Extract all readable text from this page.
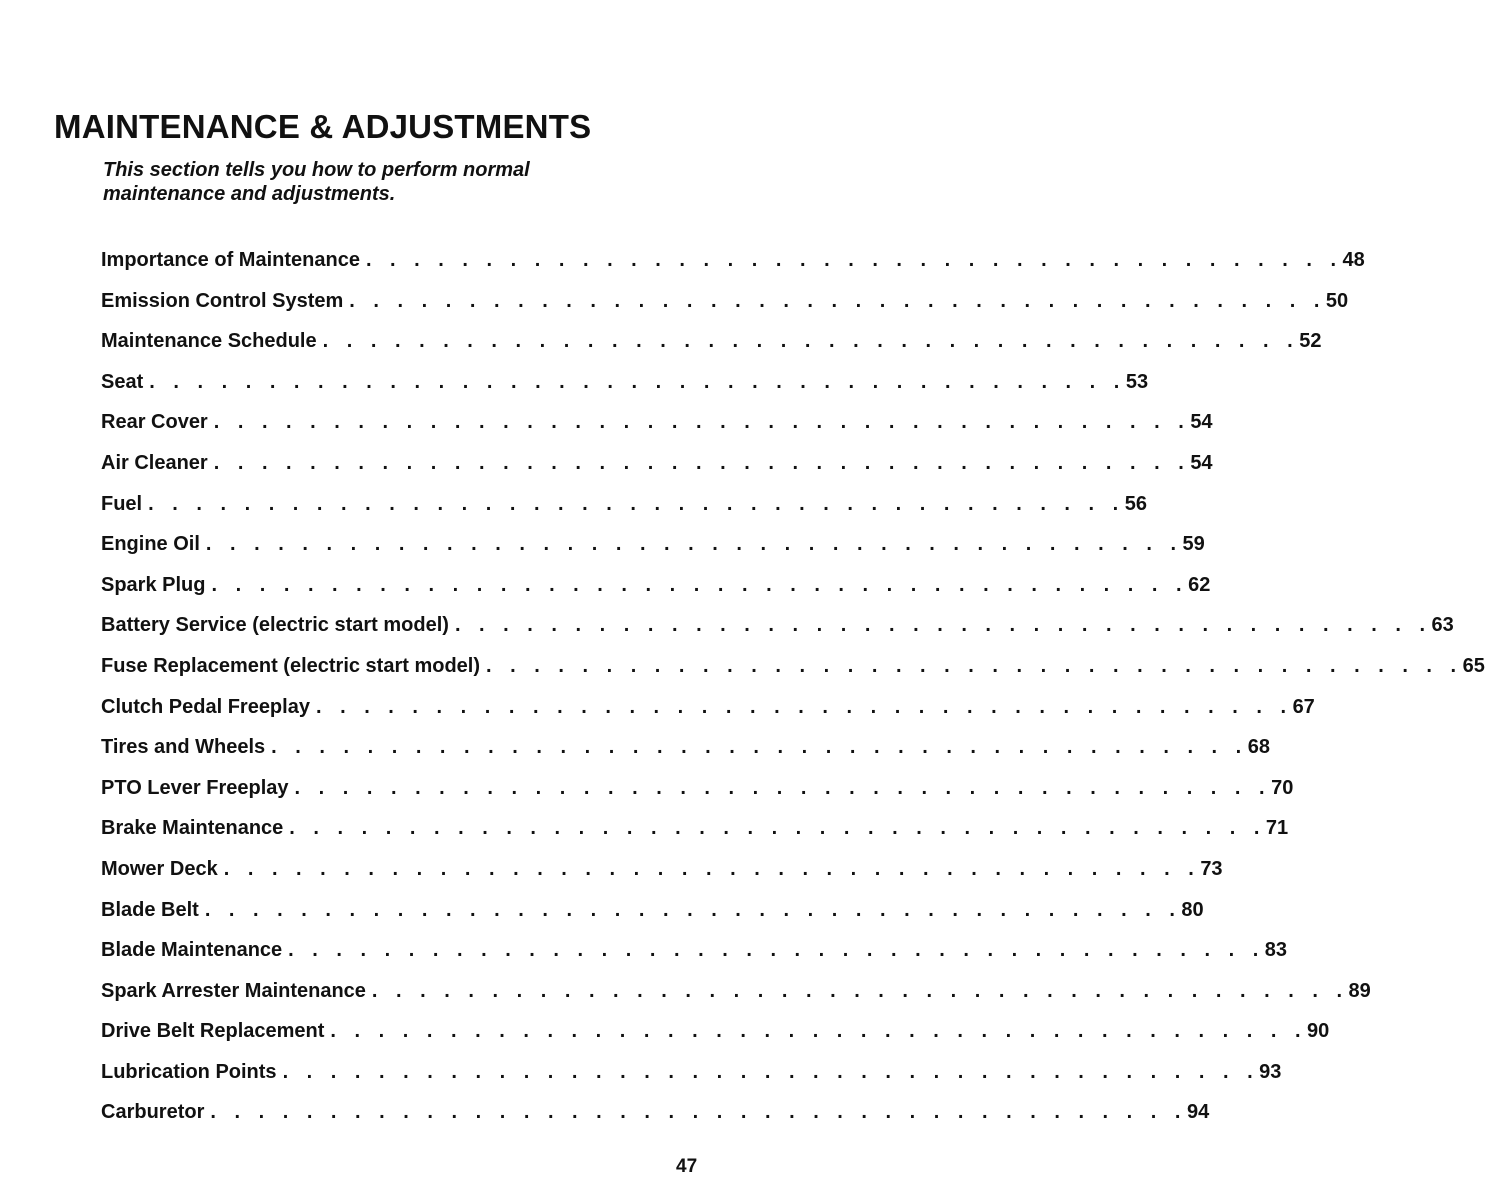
MAINTENANCE & ADJUSTMENTS
This section tells you how to perform normal
maintenance and adjustments.
Importance of Maintenance . . . . . . . . . . . . . . . . . . . . . . . . . . . . . . . . . . . . . . . . . 48
Emission Control System . . . . . . . . . . . . . . . . . . . . . . . . . . . . . . . . . . . . . . . . . 50
Maintenance Schedule . . . . . . . . . . . . . . . . . . . . . . . . . . . . . . . . . . . . . . . . . 52
Seat . . . . . . . . . . . . . . . . . . . . . . . . . . . . . . . . . . . . . . . . . 53
Rear Cover . . . . . . . . . . . . . . . . . . . . . . . . . . . . . . . . . . . . . . . . . 54
Air Cleaner . . . . . . . . . . . . . . . . . . . . . . . . . . . . . . . . . . . . . . . . . 54
Fuel . . . . . . . . . . . . . . . . . . . . . . . . . . . . . . . . . . . . . . . . . 56
Engine Oil . . . . . . . . . . . . . . . . . . . . . . . . . . . . . . . . . . . . . . . . . 59
Spark Plug . . . . . . . . . . . . . . . . . . . . . . . . . . . . . . . . . . . . . . . . . 62
Battery Service (electric start model) . . . . . . . . . . . . . . . . . . . . . . . . . . . . . . . . . . . . . . . . . 63
Fuse Replacement (electric start model) . . . . . . . . . . . . . . . . . . . . . . . . . . . . . . . . . . . . . . . . . 65
Clutch Pedal Freeplay . . . . . . . . . . . . . . . . . . . . . . . . . . . . . . . . . . . . . . . . . 67
Tires and Wheels . . . . . . . . . . . . . . . . . . . . . . . . . . . . . . . . . . . . . . . . . 68
PTO Lever Freeplay . . . . . . . . . . . . . . . . . . . . . . . . . . . . . . . . . . . . . . . . . 70
Brake Maintenance . . . . . . . . . . . . . . . . . . . . . . . . . . . . . . . . . . . . . . . . . 71
Mower Deck . . . . . . . . . . . . . . . . . . . . . . . . . . . . . . . . . . . . . . . . . 73
Blade Belt . . . . . . . . . . . . . . . . . . . . . . . . . . . . . . . . . . . . . . . . . 80
Blade Maintenance . . . . . . . . . . . . . . . . . . . . . . . . . . . . . . . . . . . . . . . . . 83
Spark Arrester Maintenance . . . . . . . . . . . . . . . . . . . . . . . . . . . . . . . . . . . . . . . . . 89
Drive Belt Replacement . . . . . . . . . . . . . . . . . . . . . . . . . . . . . . . . . . . . . . . . . 90
Lubrication Points . . . . . . . . . . . . . . . . . . . . . . . . . . . . . . . . . . . . . . . . . 93
Carburetor . . . . . . . . . . . . . . . . . . . . . . . . . . . . . . . . . . . . . . . . . 94
47
